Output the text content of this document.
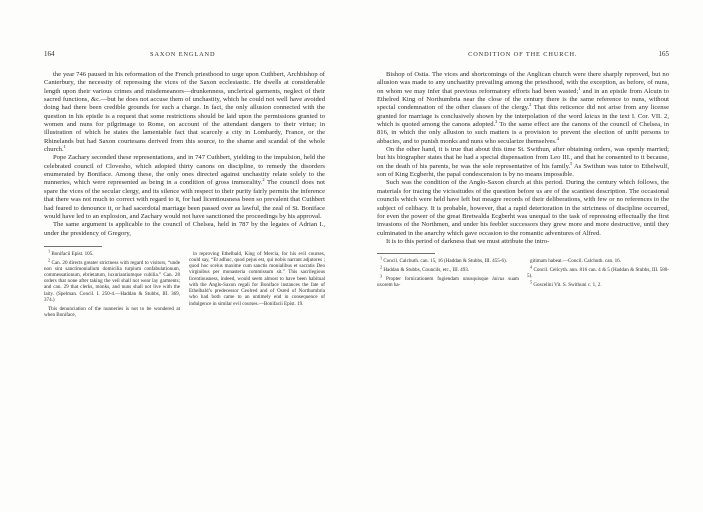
164	SAXON ENGLAND

the year 746 paused in his reformation of the French priesthood to urge upon Cuthbert, Archbishop of Canterbury, the necessity of repressing the vices of the Saxon ecclesiastic. He dwells at considerable length upon their various crimes and misdemeanors—drunkenness, unclerical garments, neglect of their sacred functions, &c.—but he does not accuse them of unchastity, which he could not well have avoided doing had there been credible grounds for such a charge. In fact, the only allusion connected with the question in his epistle is a request that some restrictions should be laid upon the permissions granted to women and nuns for pilgrimage to Rome, on account of the attendant dangers to their virtue; in illustration of which he states the lamentable fact that scarcely a city in Lombardy, France, or the Rhinelands but had Saxon courtesans derived from this source, to the shame and scandal of the whole church.$^1$

Pope Zachary seconded these representations, and in 747 Cuthbert, yielding to the impulsion, held the celebrated council of Clovesho, which adopted thirty canons on discipline, to remedy the disorders enumerated by Boniface. Among these, the only ones directed against unchastity relate solely to the nunneries, which were represented as being in a condition of gross immorality.$^2$ The council does not spare the vices of the secular clergy, and its silence with respect to their purity fairly permits the inference that there was not much to correct with regard to it, for had licentiousness been so prevalent that Cuthbert had feared to denounce it, or had sacerdotal marriage been passed over as lawful, the zeal of St. Boniface would have led to an explosion, and Zachary would not have sanctioned the proceedings by his approval.

The same argument is applicable to the council of Chelsea, held in 787 by the legates of Adrian I., under the presidency of Gregory,

$^1$ Bonifacii Epist. 105.

$^2$ Can. 20 directs greater strictness with regard to visitors, “unde non sint sanctimonialium domicilia turpium confabulationum, commessationum, ebrietatum, luxuriantiumque cubilia.” Can. 28 orders that none after taking the veil shall not wear lay garments; and can. 29 that clerks, monks, and nuns shall not live with the laity. (Spelman. Concil. I. 250-4.—Haddan & Stubbs, III. 369, 374.)

This denunciation of the nunneries is not to be wondered at when Boniface,

in reproving Ethelbald, King of Mercia, for his evil courses, could say, “Et adhuc, quod pejus est, qui nobis narrant adjutores ; quod hoc scelus maxime cum sanctis monialibus et sacratis Deo virginibus per monasteria commissum sit.” This sacrilegious licentiousness, indeed, would seem almost to have been habitual with the Anglo-Saxon regali for Boniface instances the fate of Ethelbald’s predecessor Ceolred and of Osred of Northumbria who had both came to an untimely end in consequence of indulgence in similar evil courses.—Bonifacii Epist. 19.

CONDITION OF THE CHURCH.	165

Bishop of Ostia. The vices and shortcomings of the Anglican church were there sharply reproved, but no allusion was made to any unchastity prevailing among the priesthood, with the exception, as before, of nuns, on whom we may infer that previous reformatory efforts had been wasted;$^1$ and in an epistle from Alcuin to Ethelred King of Northumbria near the close of the century there is the same reference to nuns, without special condemnation of the other classes of the clergy.$^2$ That this reticence did not arise from any license granted for marriage is conclusively shown by the interpolation of the word laicus in the text I. Cor. VII. 2, which is quoted among the canons adopted.$^3$ To the same effect are the canons of the council of Chelsea, in 816, in which the only allusion to such matters is a provision to prevent the election of unfit persons to abbacies, and to punish monks and nuns who secularize themselves.$^4$

On the other hand, it is true that about this time St. Swithun, after obtaining orders, was openly married; but his biographer states that he had a special dispensation from Leo III., and that he consented to it because, on the death of his parents, he was the sole representative of his family.$^5$ As Swithun was tutor to Ethelwulf, son of King Ecgberht, the papal condescension is by no means impossible.

Such was the condition of the Anglo-Saxon church at this period. During the century which follows, the materials for tracing the vicissitudes of the question before us are of the scantiest description. The occasional councils which were held have left but meagre records of their deliberations, with few or no references to the subject of celibacy. It is probable, however, that a rapid deterioration in the strictness of discipline occurred, for even the power of the great Bretwalda Ecgberht was unequal to the task of repressing effectually the first invasions of the Northmen, and under his feebler successors they grew more and more destructive, until they culminated in the anarchy which gave occasion to the romantic adventures of Alfred.

It is to this period of darkness that we must attribute the intro-

$^1$ Concil. Calchuth. can. 15, 16 (Haddan & Stubbs, III. 455-6).

$^2$ Haddan & Stubbs, Councils, etc., III. 493.

$^3$ Propter fornicationem fugiendam unusquisque laicus suam uxorem ha-

gitimam habeat.—Concil. Calchuth. can. 16.

$^4$ Concil. Celicyth. ann. 816 can. 4 & 5 (Haddan & Stubbs, III. 580-5).

$^5$ Goscelini Vit. S. Swithuni c. 1, 2.
